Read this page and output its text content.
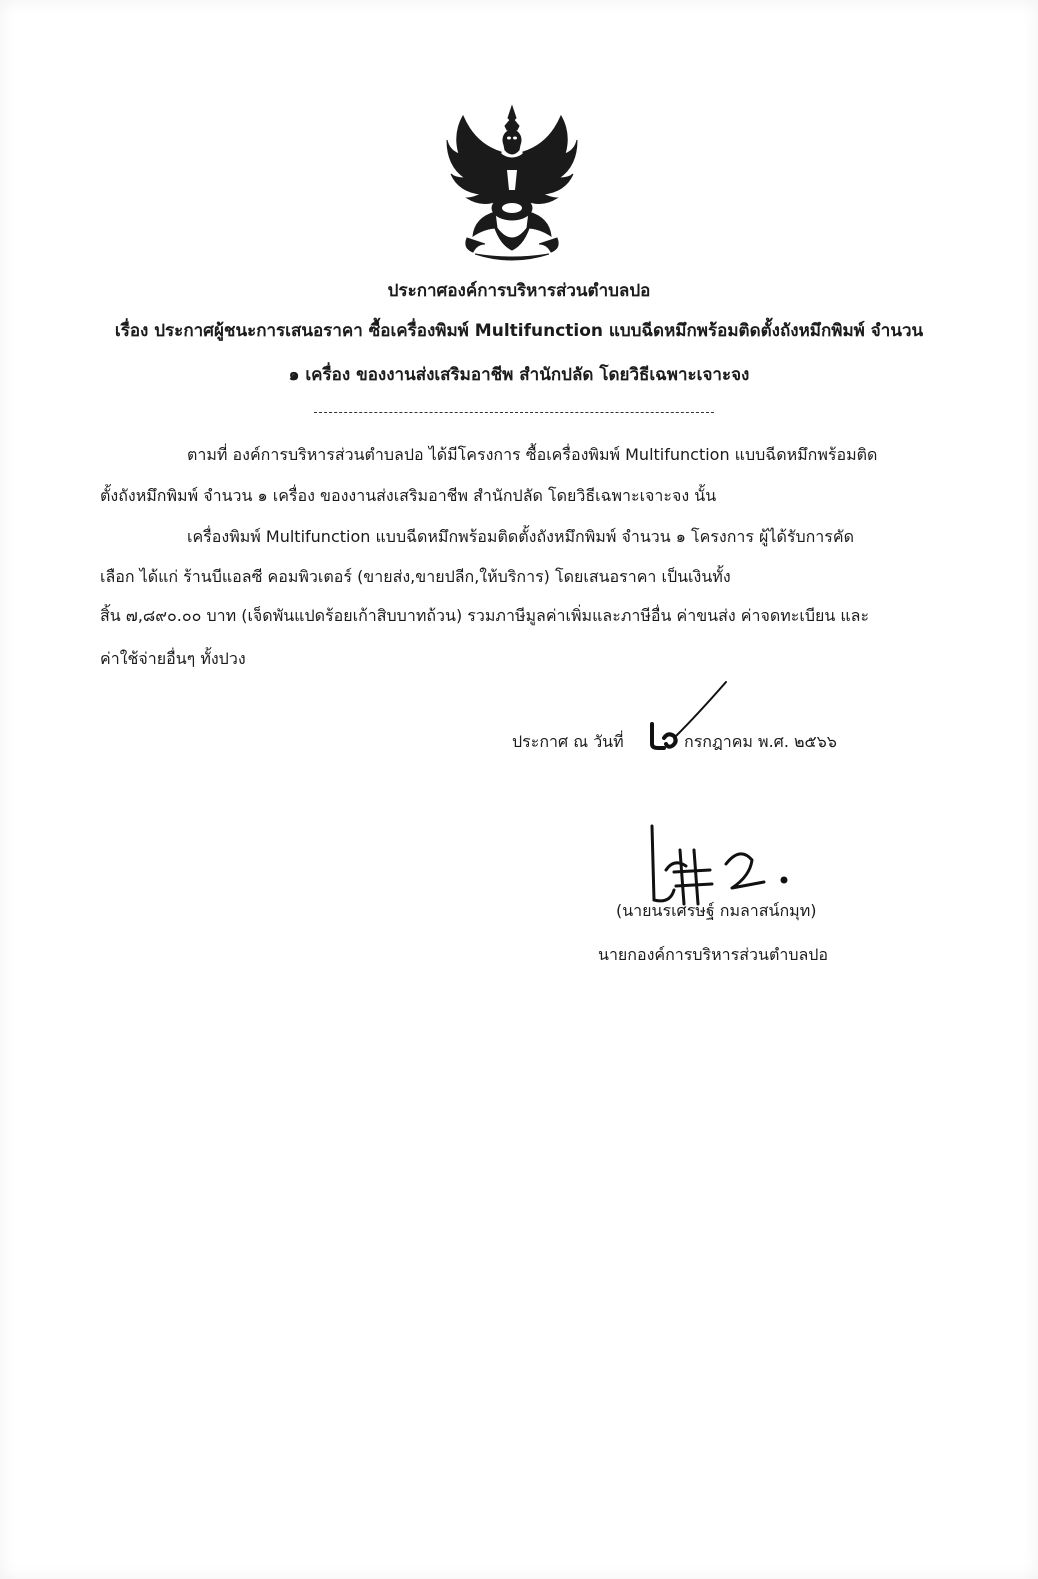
ประกาศองค์การบริหารส่วนตำบลปอ
เรื่อง ประกาศผู้ชนะการเสนอราคา ซื้อเครื่องพิมพ์ Multifunction แบบฉีดหมึกพร้อมติดตั้งถังหมึกพิมพ์ จำนวน
๑ เครื่อง ของงานส่งเสริมอาชีพ สำนักปลัด โดยวิธีเฉพาะเจาะจง
ตามที่ องค์การบริหารส่วนตำบลปอ ได้มีโครงการ ซื้อเครื่องพิมพ์ Multifunction แบบฉีดหมึกพร้อมติด
ตั้งถังหมึกพิมพ์ จำนวน ๑ เครื่อง ของงานส่งเสริมอาชีพ สำนักปลัด โดยวิธีเฉพาะเจาะจง นั้น
เครื่องพิมพ์ Multifunction แบบฉีดหมึกพร้อมติดตั้งถังหมึกพิมพ์ จำนวน ๑ โครงการ ผู้ได้รับการคัด
เลือก ได้แก่ ร้านบีแอลซี คอมพิวเตอร์ (ขายส่ง,ขายปลีก,ให้บริการ) โดยเสนอราคา เป็นเงินทั้ง
สิ้น ๗,๘๙๐.๐๐ บาท (เจ็ดพันแปดร้อยเก้าสิบบาทถ้วน) รวมภาษีมูลค่าเพิ่มและภาษีอื่น ค่าขนส่ง ค่าจดทะเบียน และ
ค่าใช้จ่ายอื่นๆ ทั้งปวง
ประกาศ ณ วันที่	กรกฎาคม พ.ศ. ๒๕๖๖
(นายนรเศรษฐ์ กมลาสน์กมุท)
นายกองค์การบริหารส่วนตำบลปอ
